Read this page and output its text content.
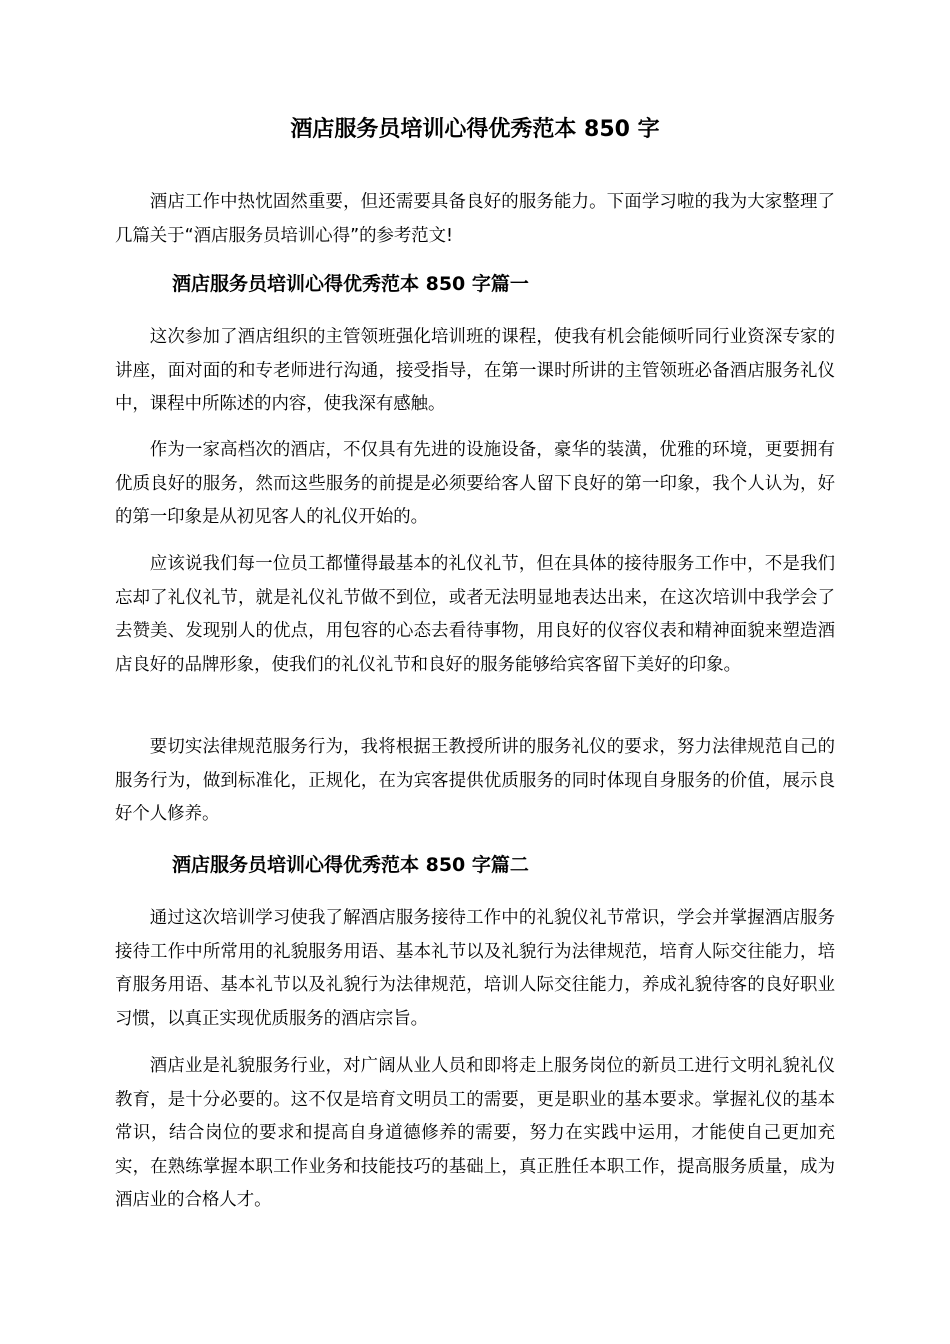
酒店服务员培训心得优秀范本 850 字

酒店工作中热忱固然重要，但还需要具备良好的服务能力。下面学习啦的我为大家整理了几篇关于“酒店服务员培训心得”的参考范文!

酒店服务员培训心得优秀范本 850 字篇一

这次参加了酒店组织的主管领班强化培训班的课程，使我有机会能倾听同行业资深专家的讲座，面对面的和专老师进行沟通，接受指导，在第一课时所讲的主管领班必备酒店服务礼仪中，课程中所陈述的内容，使我深有感触。

作为一家高档次的酒店，不仅具有先进的设施设备，豪华的装潢，优雅的环境，更要拥有优质良好的服务，然而这些服务的前提是必须要给客人留下良好的第一印象，我个人认为，好的第一印象是从初见客人的礼仪开始的。

应该说我们每一位员工都懂得最基本的礼仪礼节，但在具体的接待服务工作中，不是我们忘却了礼仪礼节，就是礼仪礼节做不到位，或者无法明显地表达出来，在这次培训中我学会了去赞美、发现别人的优点，用包容的心态去看待事物，用良好的仪容仪表和精神面貌来塑造酒店良好的品牌形象，使我们的礼仪礼节和良好的服务能够给宾客留下美好的印象。

要切实法律规范服务行为，我将根据王教授所讲的服务礼仪的要求，努力法律规范自己的服务行为，做到标准化，正规化，在为宾客提供优质服务的同时体现自身服务的价值，展示良好个人修养。

酒店服务员培训心得优秀范本 850 字篇二

通过这次培训学习使我了解酒店服务接待工作中的礼貌仪礼节常识，学会并掌握酒店服务接待工作中所常用的礼貌服务用语、基本礼节以及礼貌行为法律规范，培育人际交往能力，培育服务用语、基本礼节以及礼貌行为法律规范，培训人际交往能力，养成礼貌待客的良好职业习惯，以真正实现优质服务的酒店宗旨。

酒店业是礼貌服务行业，对广阔从业人员和即将走上服务岗位的新员工进行文明礼貌礼仪教育，是十分必要的。这不仅是培育文明员工的需要，更是职业的基本要求。掌握礼仪的基本常识，结合岗位的要求和提高自身道德修养的需要，努力在实践中运用，才能使自己更加充实，在熟练掌握本职工作业务和技能技巧的基础上，真正胜任本职工作，提高服务质量，成为酒店业的合格人才。
